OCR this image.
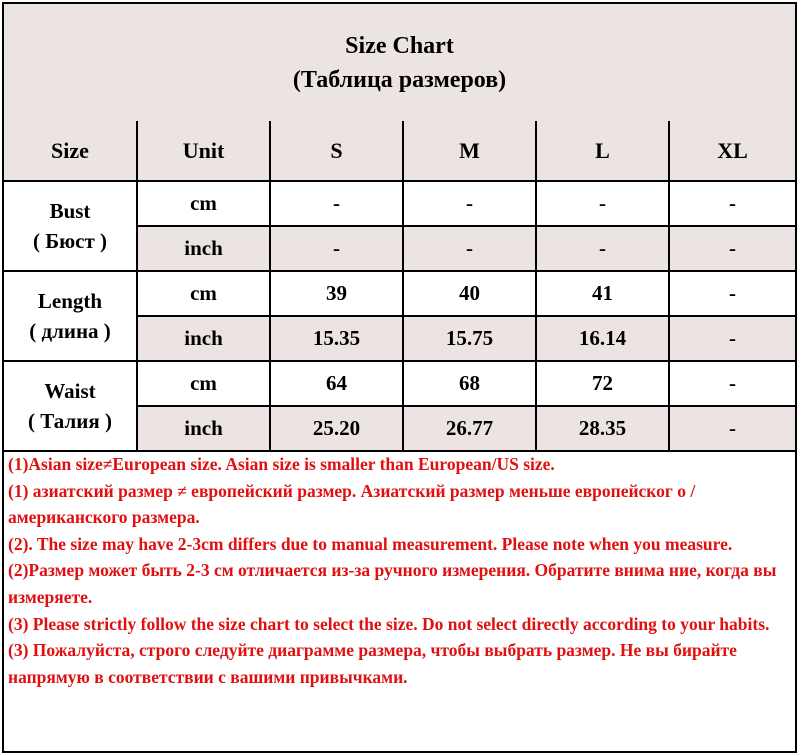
Size Chart
(Таблица размеров)
Size	Unit	S	M	L	XL

Bust
( Бюст )	cm	-	-	-	-
	inch	-	-	-	-

Length
( длина )	cm	39	40	41	-
	inch	15.35	15.75	16.14	-

Waist
( Талия )	cm	64	68	72	-
	inch	25.20	26.77	28.35	-
(1)Asian size≠European size. Asian size is smaller than European/US size.
(1) азиатский размер ≠ европейский размер. Азиатский размер меньше европейског о / американского размера.
(2). The size may have 2-3cm differs due to manual measurement. Please note when you measure.
(2)Размер может быть 2-3 см отличается из-за ручного измерения. Обратите внима ние, когда вы измеряете.
(3) Please strictly follow the size chart to select the size. Do not select directly according to your habits.
(3) Пожалуйста, строго следуйте диаграмме размера, чтобы выбрать размер. Не вы бирайте напрямую в соответствии с вашими привычками.
